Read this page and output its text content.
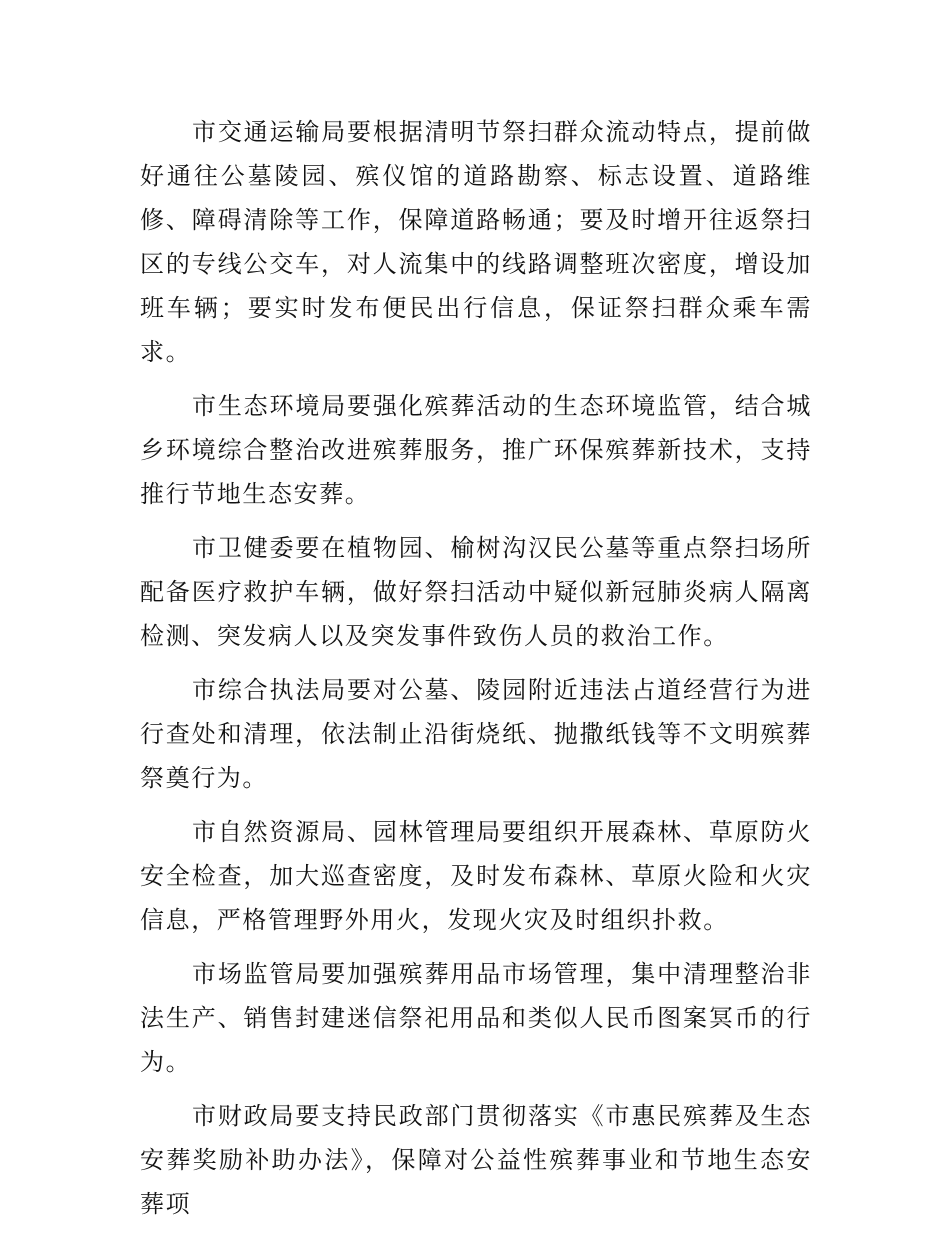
市交通运输局要根据清明节祭扫群众流动特点，提前做好通往公墓陵园、殡仪馆的道路勘察、标志设置、道路维修、障碍清除等工作，保障道路畅通；要及时增开往返祭扫区的专线公交车，对人流集中的线路调整班次密度，增设加班车辆；要实时发布便民出行信息，保证祭扫群众乘车需求。

市生态环境局要强化殡葬活动的生态环境监管，结合城乡环境综合整治改进殡葬服务，推广环保殡葬新技术，支持推行节地生态安葬。

市卫健委要在植物园、榆树沟汉民公墓等重点祭扫场所配备医疗救护车辆，做好祭扫活动中疑似新冠肺炎病人隔离检测、突发病人以及突发事件致伤人员的救治工作。

市综合执法局要对公墓、陵园附近违法占道经营行为进行查处和清理，依法制止沿街烧纸、抛撒纸钱等不文明殡葬祭奠行为。

市自然资源局、园林管理局要组织开展森林、草原防火安全检查，加大巡查密度，及时发布森林、草原火险和火灾信息，严格管理野外用火，发现火灾及时组织扑救。

市场监管局要加强殡葬用品市场管理，集中清理整治非法生产、销售封建迷信祭祀用品和类似人民币图案冥币的行为。

市财政局要支持民政部门贯彻落实《市惠民殡葬及生态安葬奖励补助办法》，保障对公益性殡葬事业和节地生态安葬项
